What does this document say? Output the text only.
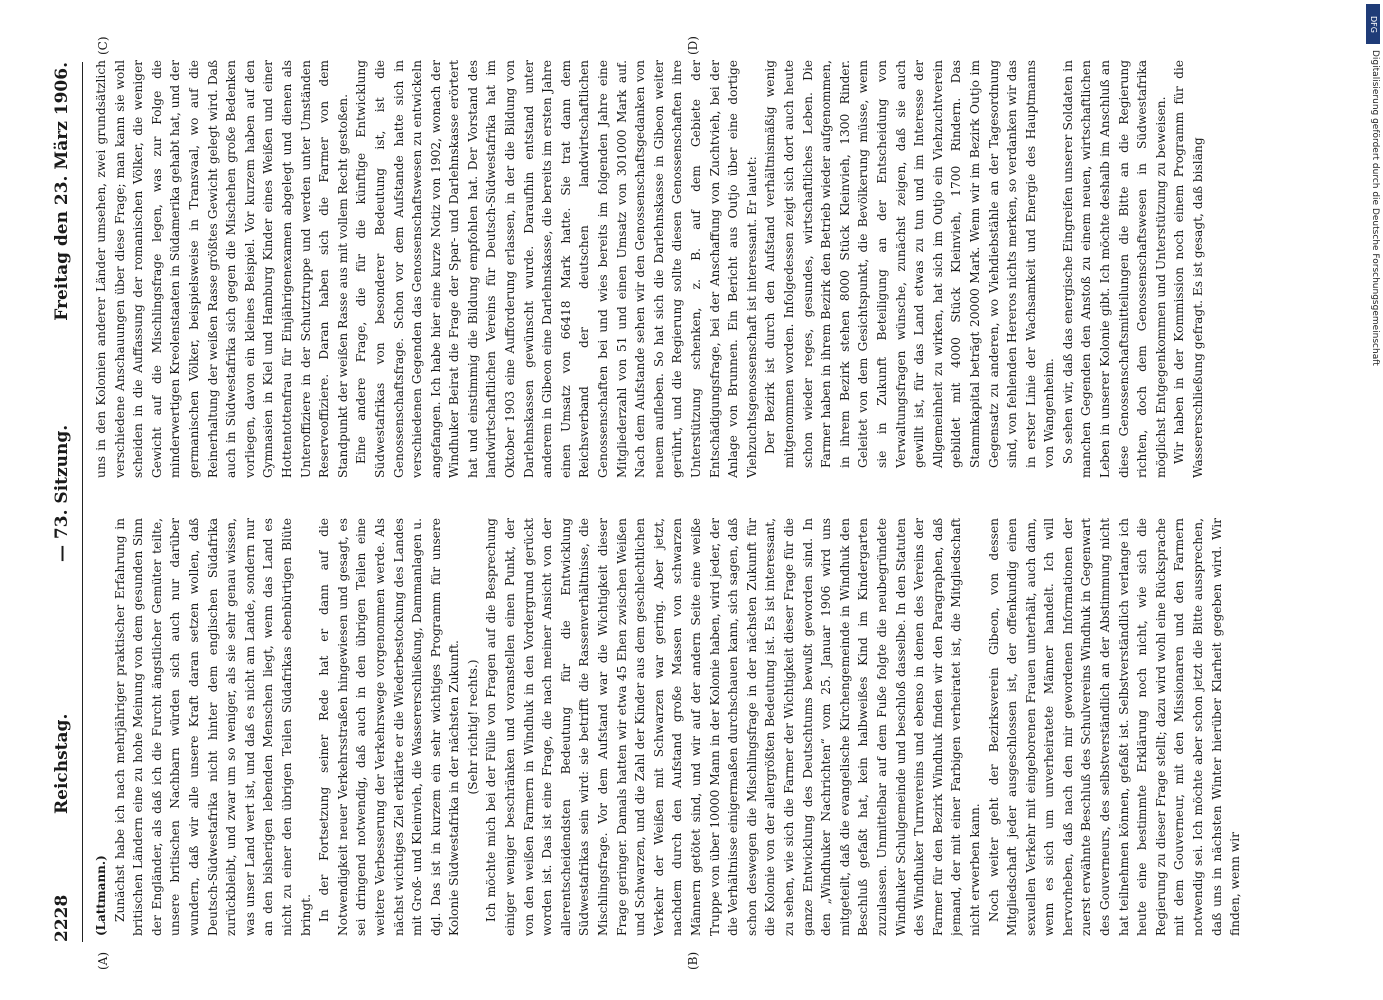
2228
Reichstag.
— 73. Sitzung.
Freitag den 23. März 1906.
(A)	(B)
(C)	(D)

(Lattmann.) Zunächst habe ich nach mehrjähriger praktischer Erfahrung in britischen Ländern eine zu hohe Meinung von dem gesunden Sinn der Engländer, als daß ich die Furcht ängstlicher Gemüter teilte, unsere britischen Nachbarn würden sich auch nur darüber wundern, daß wir alle unsere Kraft daran setzen wollen, daß Deutsch-Südwestafrika nicht hinter dem englischen Südafrika zurückbleibt, und zwar um so weniger, als sie sehr genau wissen, was unser Land wert ist, und daß es nicht am Lande, sondern nur an den bisherigen lebenden Menschen liegt, wenn das Land es nicht zu einer den übrigen Teilen Südafrikas ebenbürtigen Blüte bringt. In der Fortsetzung seiner Rede hat er dann auf die Notwendigkeit neuer Verkehrsstraßen hingewiesen und gesagt, es sei dringend notwendig, daß auch in den übrigen Teilen eine weitere Verbesserung der Verkehrswege vorgenommen werde. Als nächst wichtiges Ziel erklärte er die Wiederbestockung des Landes mit Groß- und Kleinvieh, die Wassererschließung, Dammanlagen u. dgl. Das ist in kurzem ein sehr wichtiges Programm für unsere Kolonie Südwestafrika in der nächsten Zukunft. (Sehr richtig! rechts.) Ich möchte mich bei der Fülle von Fragen auf die Besprechung einiger weniger beschränken und voranstellen einen Punkt, der von den weißen Farmern in Windhuk in den Vordergrund gerückt worden ist. Das ist eine Frage, die nach meiner Ansicht von der allerentscheidendsten Bedeutung für die Entwicklung Südwestafrikas sein wird: sie betrifft die Rassenverhältnisse, die Mischlingsfrage. Vor dem Aufstand war die Wichtigkeit dieser Frage geringer. Damals hatten wir etwa 45 Ehen zwischen Weißen und Schwarzen, und die Zahl der Kinder aus dem geschlechtlichen Verkehr der Weißen mit Schwarzen war gering. Aber jetzt, nachdem durch den Aufstand große Massen von schwarzen Männern getötet sind, und wir auf der andern Seite eine weiße Truppe von über 10000 Mann in der Kolonie haben, wird jeder, der die Verhältnisse einigermaßen durchschauen kann, sich sagen, daß schon deswegen die Mischlingsfrage in der nächsten Zukunft für die Kolonie von der allergrößten Bedeutung ist. Es ist interessant, zu sehen, wie sich die Farmer der Wichtigkeit dieser Frage für die ganze Entwicklung des Deutschtums bewußt geworden sind. In den „Windhuker Nachrichten“ vom 25. Januar 1906 wird uns mitgeteilt, daß die evangelische Kirchengemeinde in Windhuk den Beschluß gefaßt hat, kein halbweißes Kind im Kindergarten zuzulassen. Unmittelbar auf dem Fuße folgte die neubegründete Windhuker Schulgemeinde und beschloß dasselbe. In den Statuten des Windhuker Turnvereins und ebenso in denen des Vereins der Farmer für den Bezirk Windhuk finden wir den Paragraphen, daß jemand, der mit einer Farbigen verheiratet ist, die Mitgliedschaft nicht erwerben kann. Noch weiter geht der Bezirksverein Gibeon, von dessen Mitgliedschaft jeder ausgeschlossen ist, der offenkundig einen sexuellen Verkehr mit eingeborenen Frauen unterhält, auch dann, wenn es sich um unverheiratete Männer handelt. Ich will hervorheben, daß nach den mir gewordenen Informationen der zuerst erwähnte Beschluß des Schulvereins Windhuk in Gegenwart des Gouverneurs, des selbstverständlich an der Abstimmung nicht hat teilnehmen können, gefaßt ist. Selbstverständlich verlange ich heute eine bestimmte Erklärung noch nicht, wie sich die Regierung zu dieser Frage stellt; dazu wird wohl eine Rücksprache mit dem Gouverneur, mit den Missionaren und den Farmern notwendig sei. Ich möchte aber schon jetzt die Bitte aussprechen, daß uns in nächsten Winter hierüber Klarheit gegeben wird. Wir finden, wenn wir

uns in den Kolonien anderer Länder umsehen, zwei grundsätzlich verschiedene Anschauungen über diese Frage; man kann sie wohl scheiden in die Auffassung der romanischen Völker, die weniger Gewicht auf die Mischlingsfrage legen, was zur Folge die minderwertigen Kreolenstaaten in Südamerika gehabt hat, und der germanischen Völker, beispielsweise in Transvaal, wo auf die Reinerhaltung der weißen Rasse größtes Gewicht gelegt wird. Daß auch in Südwestafrika sich gegen die Mischehen große Bedenken vorliegen, davon ein kleines Beispiel. Vor kurzem haben auf den Gymnasien in Kiel und Hamburg Kinder eines Weißen und einer Hottentottenfrau für Einjährigenexamen abgelegt und dienen als Unteroffiziere in der Schutztruppe und werden unter Umständen Reserveoffiziere. Daran haben sich die Farmer von dem Standpunkt der weißen Rasse aus mit vollem Recht gestoßen. Eine andere Frage, die für die künftige Entwicklung Südwestafrikas von besonderer Bedeutung ist, ist die Genossenschaftsfrage. Schon vor dem Aufstande hatte sich in verschiedenen Gegenden das Genossenschaftswesen zu entwickeln angefangen. Ich habe hier eine kurze Notiz von 1902, wonach der Windhuker Beirat die Frage der Spar- und Darlehnskasse erörtert hat und einstimmig die Bildung empfohlen hat. Der Vorstand des landwirtschaftlichen Vereins für Deutsch-Südwestafrika hat im Oktober 1903 eine Aufforderung erlassen, in der die Bildung von Darlehnskassen gewünscht wurde. Daraufhin entstand unter anderem in Gibeon eine Darlehnskasse, die bereits im ersten Jahre einen Umsatz von 66418 Mark hatte. Sie trat dann dem Reichsverband der deutschen landwirtschaftlichen Genossenschaften bei und wies bereits im folgenden Jahre eine Mitgliederzahl von 51 und einen Umsatz von 301000 Mark auf. Nach dem Aufstande sehen wir den Genossenschaftsgedanken von neuem aufleben. So hat sich die Darlehnskasse in Gibeon weiter gerührt, und die Regierung sollte diesen Genossenschaften ihre Unterstützung schenken, z. B. auf dem Gebiete der Entschädigungsfrage, bei der Anschaffung von Zuchtvieh, bei der Anlage von Brunnen. Ein Bericht aus Outjo über eine dortige Viehzuchtsgenossenschaft ist interessant. Er lautet: Der Bezirk ist durch den Aufstand verhältnismäßig wenig mitgenommen worden. Infolgedessen zeigt sich dort auch heute schon wieder reges, gesundes, wirtschaftliches Leben. Die Farmer haben in ihrem Bezirk den Betrieb wieder aufgenommen, in ihrem Bezirk stehen 8000 Stück Kleinvieh, 1300 Rinder. Geleitet von dem Gesichtspunkt, die Bevölkerung müsse, wenn sie in Zukunft Beteiligung an der Entscheidung von Verwaltungsfragen wünsche, zunächst zeigen, daß sie auch gewillt ist, für das Land etwas zu tun und im Interesse der Allgemeinheit zu wirken, hat sich im Outjo ein Viehzuchtverein gebildet mit 4000 Stück Kleinvieh, 1700 Rindern. Das Stammkapital beträgt 20000 Mark. Wenn wir im Bezirk Outjo im Gegensatz zu anderen, wo Viehdiebstähle an der Tagesordnung sind, von fehlenden Hereros nichts merken, so verdanken wir das in erster Linie der Wachsamkeit und Energie des Hauptmanns von Wangenheim. So sehen wir, daß das energische Eingreifen unserer Soldaten in manchen Gegenden den Anstoß zu einem neuen, wirtschaftlichen Leben in unserer Kolonie gibt. Ich möchte deshalb im Anschluß an diese Genossenschaftsmitteilungen die Bitte an die Regierung richten, doch dem Genossenschaftswesen in Südwestafrika möglichst Entgegenkommen und Unterstützung zu beweisen. Wir haben in der Kommission noch einem Programm für die Wassererschließung gefragt. Es ist gesagt, daß bisläng

DFG
Digitalisierung gefördert durch die Deutsche Forschungsgemeinschaft
